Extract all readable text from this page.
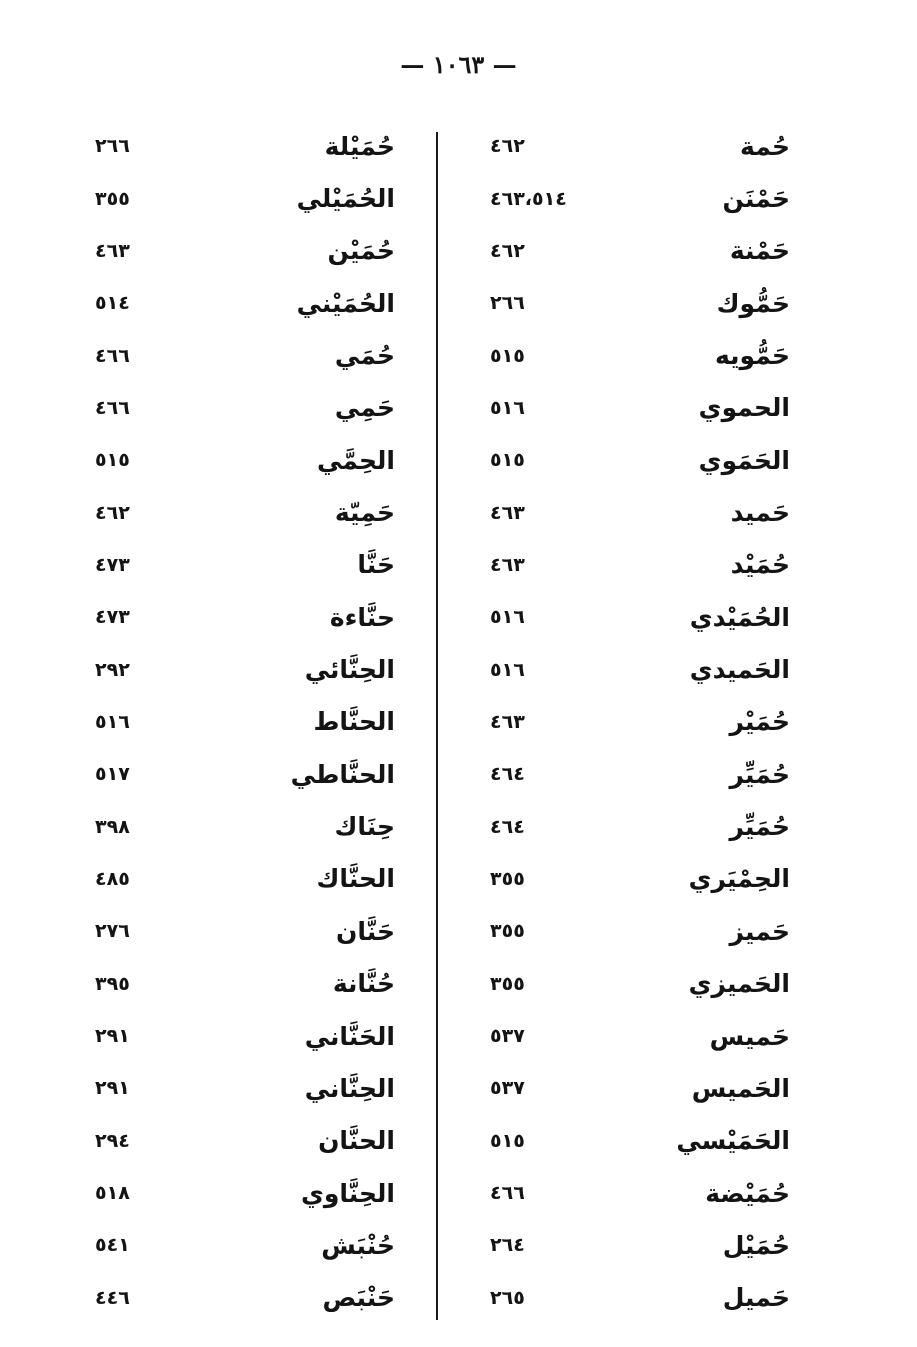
— ١٠٦٣ —
٤٦٢	حُمة
٤٦٣،٥١٤	حَمْنَن
٤٦٢	حَمْنة
٢٦٦	حَمُّوك
٥١٥	حَمُّويه
٥١٦	الحموي
٥١٥	الحَمَوي
٤٦٣	حَميد
٤٦٣	حُمَيْد
٥١٦	الحُمَيْدي
٥١٦	الحَميدي
٤٦٣	حُمَيْر
٤٦٤	حُمَيِّر
٤٦٤	حُمَيِّر
٣٥٥	الحِمْيَري
٣٥٥	حَميز
٣٥٥	الحَميزي
٥٣٧	حَميس
٥٣٧	الحَميس
٥١٥	الحَمَيْسي
٤٦٦	حُمَيْضة
٢٦٤	حُمَيْل
٢٦٥	حَميل
٢٦٦	حُمَيْلة
٣٥٥	الحُمَيْلي
٤٦٣	حُمَيْن
٥١٤	الحُمَيْني
٤٦٦	حُمَي
٤٦٦	حَمِي
٥١٥	الحِمَّي
٤٦٢	حَمِيّة
٤٧٣	حَنَّا
٤٧٣	حنَّاءة
٢٩٢	الحِنَّائي
٥١٦	الحنَّاط
٥١٧	الحنَّاطي
٣٩٨	حِنَاك
٤٨٥	الحنَّاك
٢٧٦	حَنَّان
٣٩٥	حُنَّانة
٢٩١	الحَنَّاني
٢٩١	الحِنَّاني
٢٩٤	الحنَّان
٥١٨	الحِنَّاوي
٥٤١	حُنْبَش
٤٤٦	حَنْبَص
